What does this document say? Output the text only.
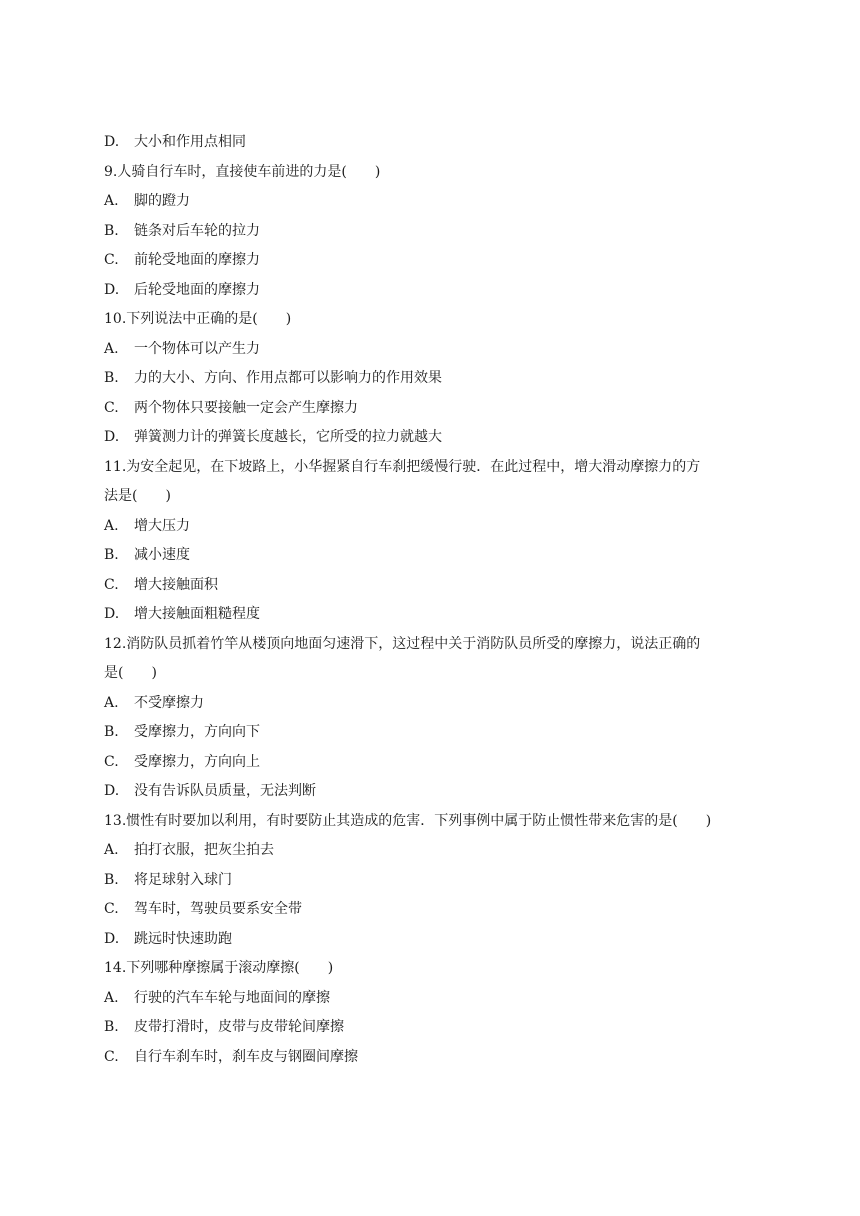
D. 大小和作用点相同
9.人骑自行车时，直接使车前进的力是(　　)
A. 脚的蹬力
B. 链条对后车轮的拉力
C. 前轮受地面的摩擦力
D. 后轮受地面的摩擦力
10.下列说法中正确的是(　　)
A. 一个物体可以产生力
B. 力的大小、方向、作用点都可以影响力的作用效果
C. 两个物体只要接触一定会产生摩擦力
D. 弹簧测力计的弹簧长度越长，它所受的拉力就越大
11.为安全起见，在下坡路上，小华握紧自行车刹把缓慢行驶．在此过程中，增大滑动摩擦力的方
法是(　　)
A. 增大压力
B. 减小速度
C. 增大接触面积
D. 增大接触面粗糙程度
12.消防队员抓着竹竿从楼顶向地面匀速滑下，这过程中关于消防队员所受的摩擦力，说法正确的
是(　　)
A. 不受摩擦力
B. 受摩擦力，方向向下
C. 受摩擦力，方向向上
D. 没有告诉队员质量，无法判断
13.惯性有时要加以利用，有时要防止其造成的危害．下列事例中属于防止惯性带来危害的是(　　)
A. 拍打衣服，把灰尘拍去
B. 将足球射入球门
C. 驾车时，驾驶员要系安全带
D. 跳远时快速助跑
14.下列哪种摩擦属于滚动摩擦(　　)
A. 行驶的汽车车轮与地面间的摩擦
B. 皮带打滑时，皮带与皮带轮间摩擦
C. 自行车刹车时，刹车皮与钢圈间摩擦
